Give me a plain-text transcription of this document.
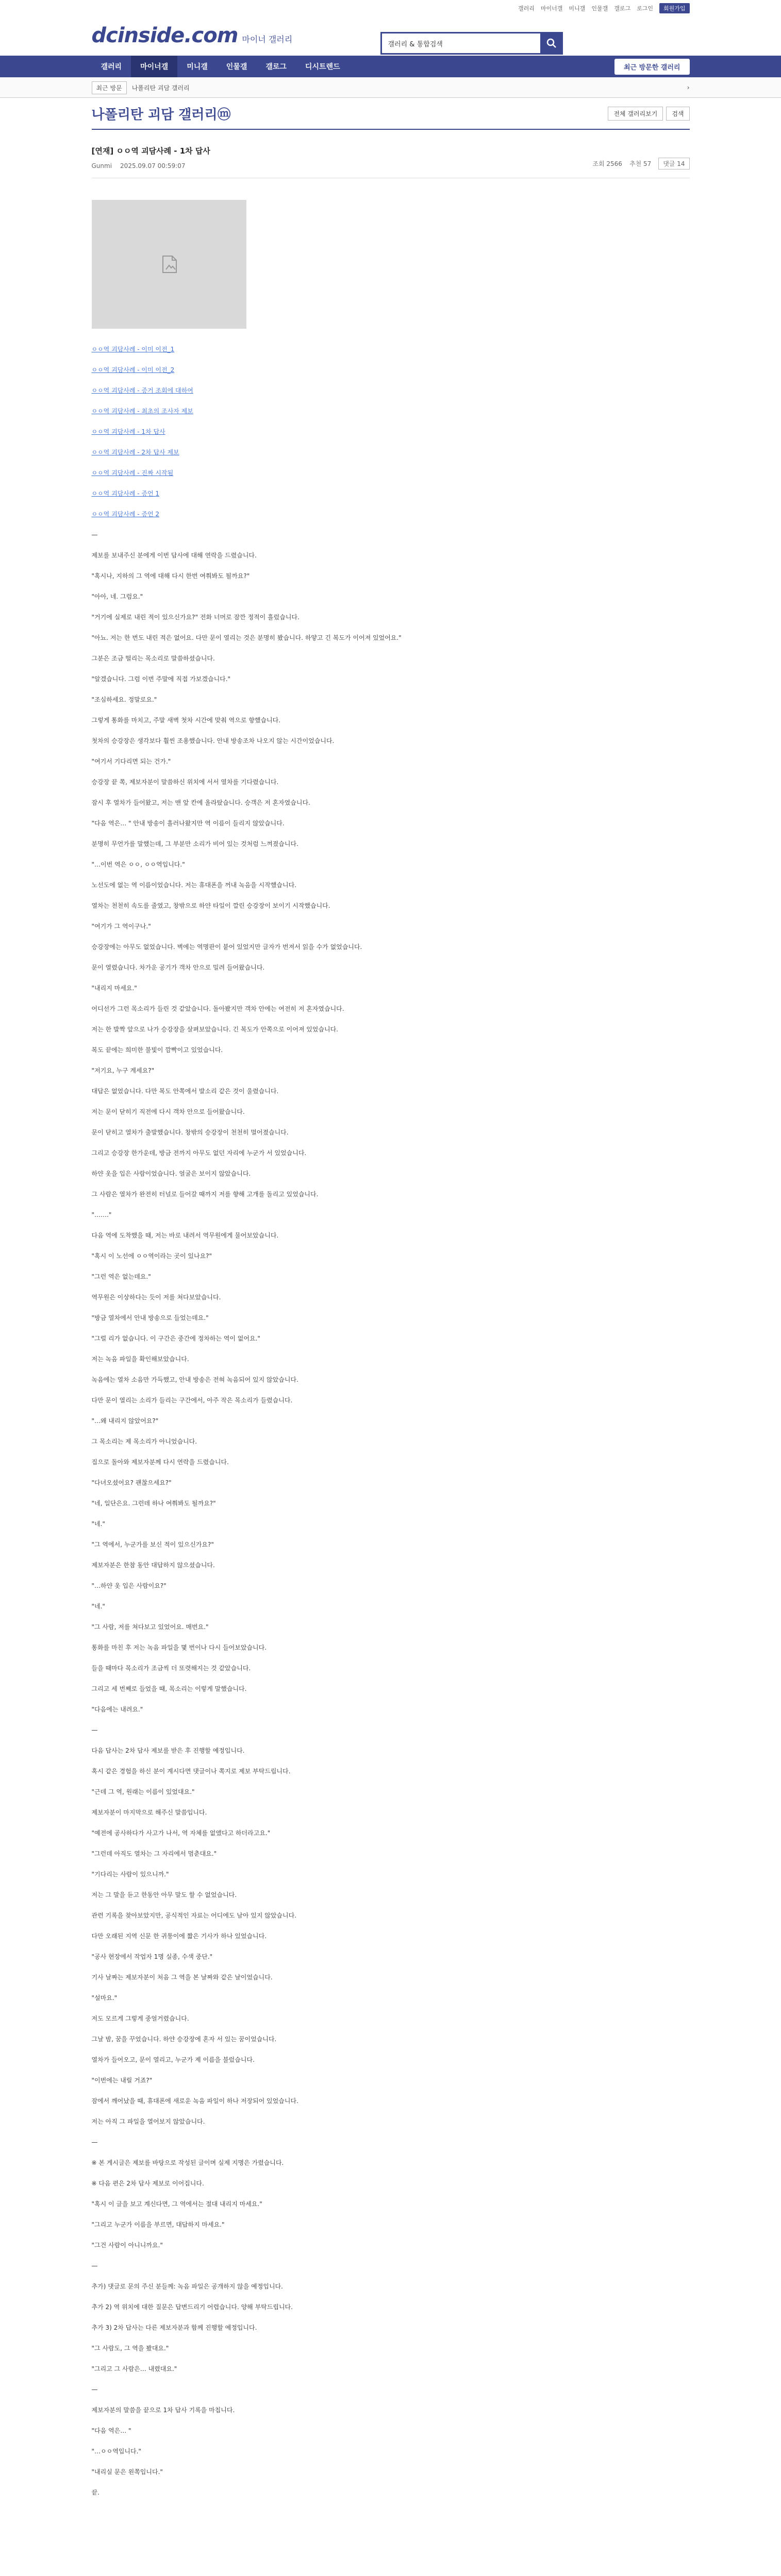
갤러리 마이너갤 미니갤 인물갤 갤로그 로그인	회원가입
dcinside.com 마이너 갤러리
갤러리 & 통합검색
갤러리	마이너갤	미니갤	인물갤	갤로그	디시트렌드	최근 방문한 갤러리
최근 방문	나폴리탄 괴담 갤러리	›
나폴리탄 괴담 갤러리ⓜ	전체 갤러리보기	검색
[연재] ㅇㅇ역 괴담사례 - 1차 답사
Gunmi 2025.09.07 00:59:07	조회 2566 추천 57	댓글 14

ㅇㅇ역 괴담사례 - 이미 이전_1

ㅇㅇ역 괴담사례 - 이미 이전_2

ㅇㅇ역 괴담사례 - 증거 조회에 대하여

ㅇㅇ역 괴담사례 - 최초의 조사자 제보

ㅇㅇ역 괴담사례 - 1차 답사

ㅇㅇ역 괴담사례 - 2차 답사 제보

ㅇㅇ역 괴담사례 - 진짜 시작됨

ㅇㅇ역 괴담사례 - 증언 1

ㅇㅇ역 괴담사례 - 증언 2

—

제보를 보내주신 분에게 이번 답사에 대해 연락을 드렸습니다.

"혹시나, 지하의 그 역에 대해 다시 한번 여쭤봐도 될까요?"

"아아, 네. 그럼요."

"거기에 실제로 내린 적이 있으신가요?" 전화 너머로 잠깐 정적이 흘렀습니다.

"아뇨. 저는 한 번도 내린 적은 없어요. 다만 문이 열리는 것은 분명히 봤습니다. 하얗고 긴 복도가 이어져 있었어요."

그분은 조금 떨리는 목소리로 말씀하셨습니다.

"알겠습니다. 그럼 이번 주말에 직접 가보겠습니다."

"조심하세요. 정말로요."

그렇게 통화를 마치고, 주말 새벽 첫차 시간에 맞춰 역으로 향했습니다.

첫차의 승강장은 생각보다 훨씬 조용했습니다. 안내 방송조차 나오지 않는 시간이었습니다.

"여기서 기다리면 되는 건가."

승강장 끝 쪽, 제보자분이 말씀하신 위치에 서서 열차를 기다렸습니다.

잠시 후 열차가 들어왔고, 저는 맨 앞 칸에 올라탔습니다. 승객은 저 혼자였습니다.

"다음 역은… " 안내 방송이 흘러나왔지만 역 이름이 들리지 않았습니다.

분명히 무언가를 말했는데, 그 부분만 소리가 비어 있는 것처럼 느껴졌습니다.

"…이번 역은 ㅇㅇ, ㅇㅇ역입니다."

노선도에 없는 역 이름이었습니다. 저는 휴대폰을 꺼내 녹음을 시작했습니다.

열차는 천천히 속도를 줄였고, 창밖으로 하얀 타일이 깔린 승강장이 보이기 시작했습니다.

"여기가 그 역이구나."

승강장에는 아무도 없었습니다. 벽에는 역명판이 붙어 있었지만 글자가 번져서 읽을 수가 없었습니다.

문이 열렸습니다. 차가운 공기가 객차 안으로 밀려 들어왔습니다.

"내리지 마세요."

어디선가 그런 목소리가 들린 것 같았습니다. 돌아봤지만 객차 안에는 여전히 저 혼자였습니다.

저는 한 발짝 앞으로 나가 승강장을 살펴보았습니다. 긴 복도가 안쪽으로 이어져 있었습니다.

복도 끝에는 희미한 불빛이 깜빡이고 있었습니다.

"저기요, 누구 계세요?"

대답은 없었습니다. 다만 복도 안쪽에서 발소리 같은 것이 울렸습니다.

저는 문이 닫히기 직전에 다시 객차 안으로 들어왔습니다.

문이 닫히고 열차가 출발했습니다. 창밖의 승강장이 천천히 멀어졌습니다.

그리고 승강장 한가운데, 방금 전까지 아무도 없던 자리에 누군가 서 있었습니다.

하얀 옷을 입은 사람이었습니다. 얼굴은 보이지 않았습니다.

그 사람은 열차가 완전히 터널로 들어갈 때까지 저를 향해 고개를 돌리고 있었습니다.

"……."

다음 역에 도착했을 때, 저는 바로 내려서 역무원에게 물어보았습니다.

"혹시 이 노선에 ㅇㅇ역이라는 곳이 있나요?"

"그런 역은 없는데요."

역무원은 이상하다는 듯이 저를 쳐다보았습니다.

"방금 열차에서 안내 방송으로 들었는데요."

"그럴 리가 없습니다. 이 구간은 중간에 정차하는 역이 없어요."

저는 녹음 파일을 확인해보았습니다.

녹음에는 열차 소음만 가득했고, 안내 방송은 전혀 녹음되어 있지 않았습니다.

다만 문이 열리는 소리가 들리는 구간에서, 아주 작은 목소리가 들렸습니다.

"…왜 내리지 않았어요?"

그 목소리는 제 목소리가 아니었습니다.

집으로 돌아와 제보자분께 다시 연락을 드렸습니다.

"다녀오셨어요? 괜찮으세요?"

"네, 일단은요. 그런데 하나 여쭤봐도 될까요?"

"네."

"그 역에서, 누군가를 보신 적이 있으신가요?"

제보자분은 한참 동안 대답하지 않으셨습니다.

"…하얀 옷 입은 사람이요?"

"네."

"그 사람, 저를 쳐다보고 있었어요. 매번요."

통화를 마친 후 저는 녹음 파일을 몇 번이나 다시 들어보았습니다.

들을 때마다 목소리가 조금씩 더 또렷해지는 것 같았습니다.

그리고 세 번째로 들었을 때, 목소리는 이렇게 말했습니다.

"다음에는 내려요."

—

다음 답사는 2차 답사 제보를 받은 후 진행할 예정입니다.

혹시 같은 경험을 하신 분이 계시다면 댓글이나 쪽지로 제보 부탁드립니다.

"근데 그 역, 원래는 이름이 있었대요."

제보자분이 마지막으로 해주신 말씀입니다.

"예전에 공사하다가 사고가 나서, 역 자체를 없앴다고 하더라고요."

"그런데 아직도 열차는 그 자리에서 멈춘대요."

"기다리는 사람이 있으니까."

저는 그 말을 듣고 한동안 아무 말도 할 수 없었습니다.

관련 기록을 찾아보았지만, 공식적인 자료는 어디에도 남아 있지 않았습니다.

다만 오래된 지역 신문 한 귀퉁이에 짧은 기사가 하나 있었습니다.

"공사 현장에서 작업자 1명 실종, 수색 중단."

기사 날짜는 제보자분이 처음 그 역을 본 날짜와 같은 날이었습니다.

"설마요."

저도 모르게 그렇게 중얼거렸습니다.

그날 밤, 꿈을 꾸었습니다. 하얀 승강장에 혼자 서 있는 꿈이었습니다.

열차가 들어오고, 문이 열리고, 누군가 제 이름을 불렀습니다.

"이번에는 내릴 거죠?"

잠에서 깨어났을 때, 휴대폰에 새로운 녹음 파일이 하나 저장되어 있었습니다.

저는 아직 그 파일을 열어보지 않았습니다.

—

※ 본 게시글은 제보를 바탕으로 작성된 글이며 실제 지명은 가렸습니다.

※ 다음 편은 2차 답사 제보로 이어집니다.

"혹시 이 글을 보고 계신다면, 그 역에서는 절대 내리지 마세요."

"그리고 누군가 이름을 부르면, 대답하지 마세요."

"그건 사람이 아니니까요."

—

추가) 댓글로 문의 주신 분들께: 녹음 파일은 공개하지 않을 예정입니다.

추가 2) 역 위치에 대한 질문은 답변드리기 어렵습니다. 양해 부탁드립니다.

추가 3) 2차 답사는 다른 제보자분과 함께 진행할 예정입니다.

"그 사람도, 그 역을 봤대요."

"그리고 그 사람은… 내렸대요."

—

제보자분의 말씀을 끝으로 1차 답사 기록을 마칩니다.

"다음 역은… "

"…ㅇㅇ역입니다."

"내리실 문은 왼쪽입니다."

끝.
